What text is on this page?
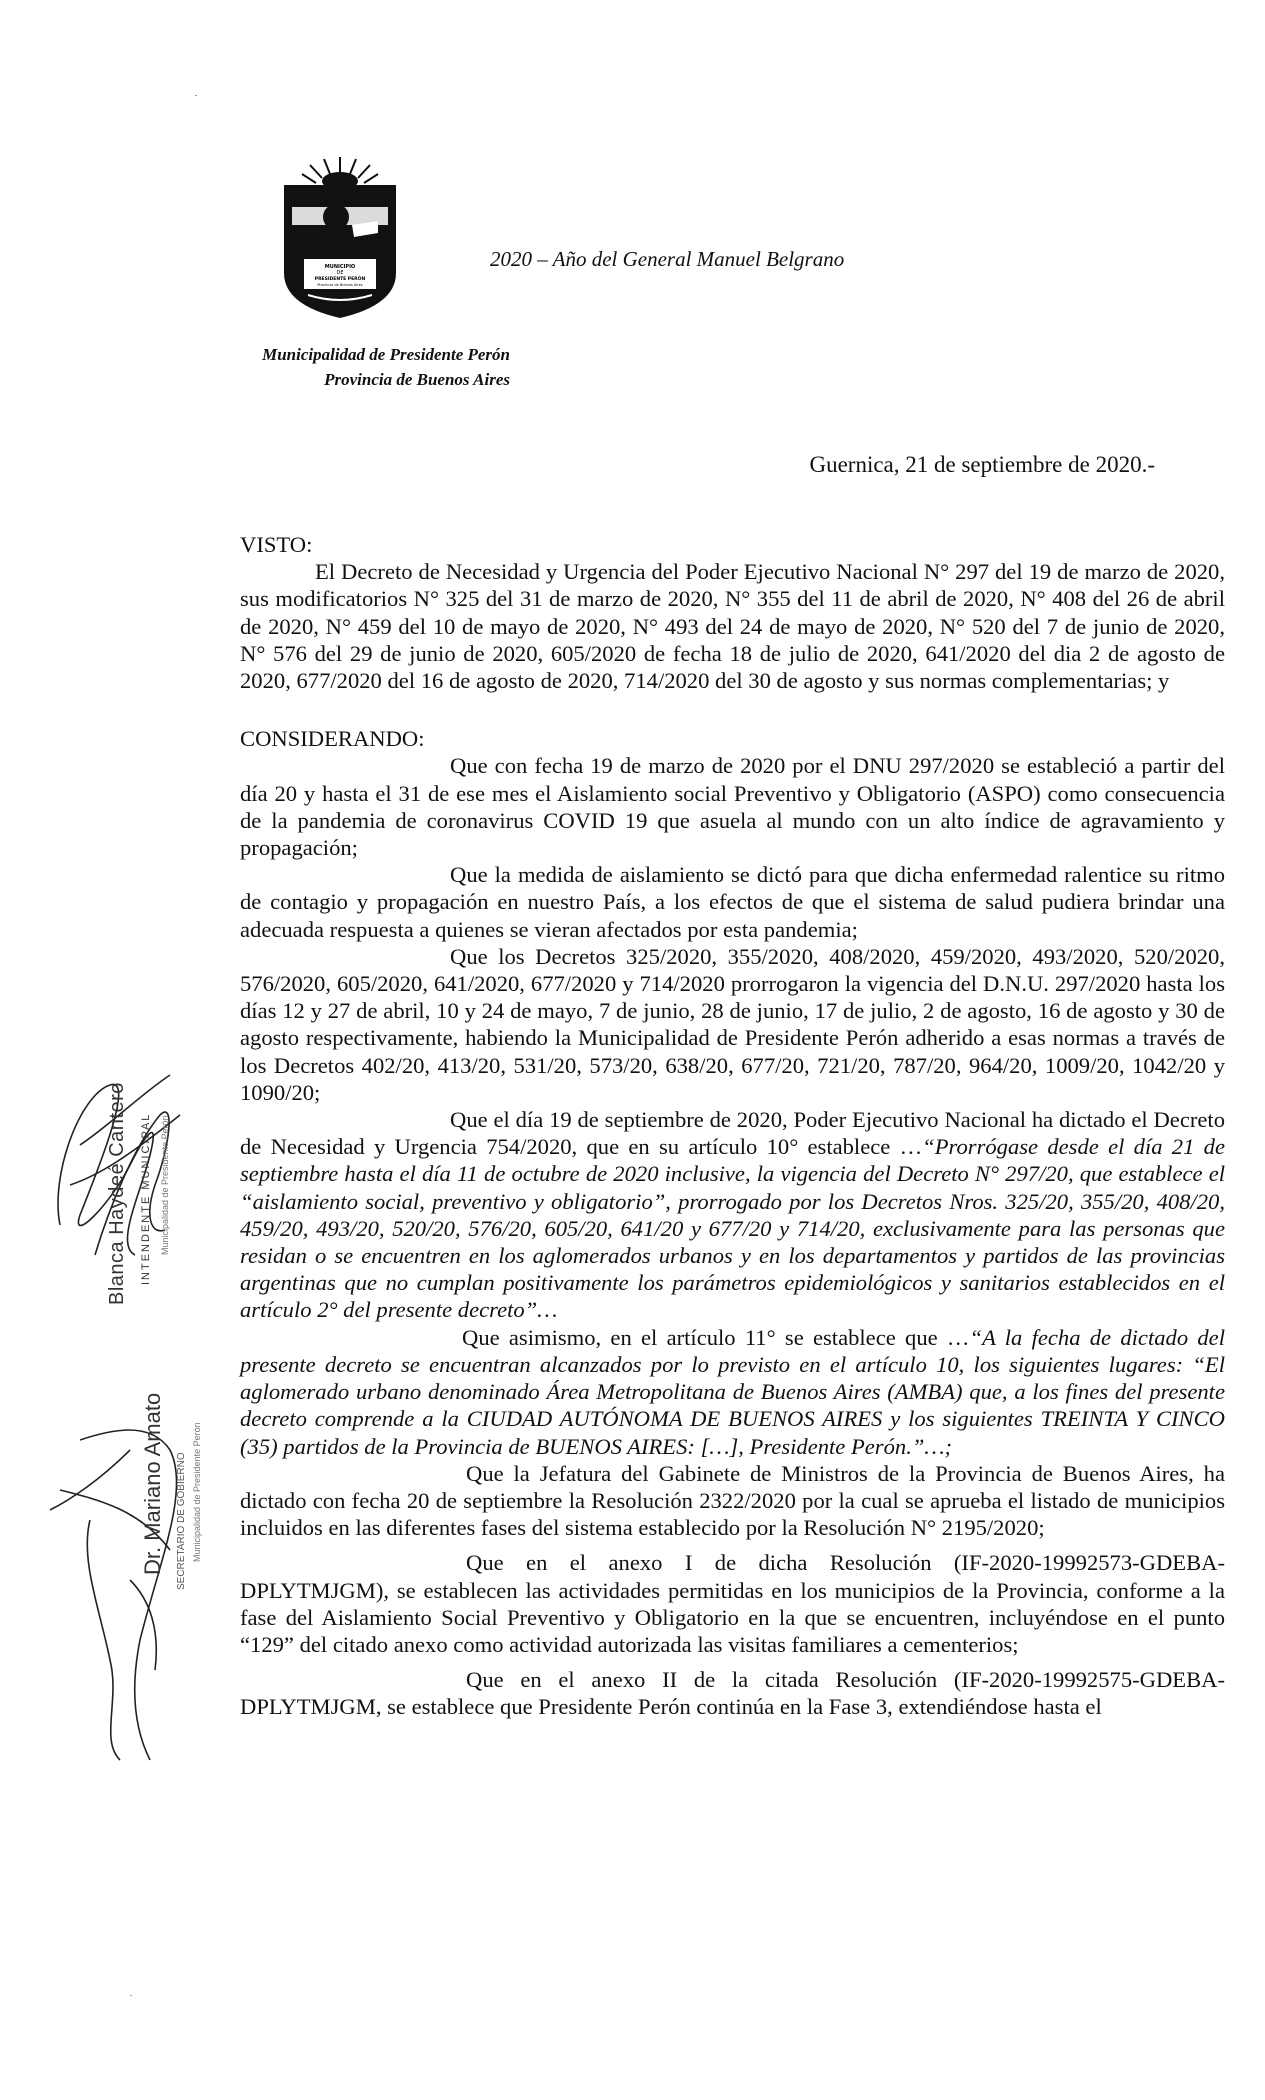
MUNICIPIO
DE
PRESIDENTE PERÓN
Provincia de Buenos Aires
2020 – Año del General Manuel Belgrano
Municipalidad de Presidente Perón
Provincia de Buenos Aires
Guernica, 21 de septiembre de 2020.-

VISTO:

El Decreto de Necesidad y Urgencia del Poder Ejecutivo Nacional N° 297 del 19 de marzo de 2020, sus modificatorios N° 325 del 31 de marzo de 2020, N° 355 del 11 de abril de 2020, N° 408 del 26 de abril de 2020, N° 459 del 10 de mayo de 2020, N° 493 del 24 de mayo de 2020, N° 520 del 7 de junio de 2020, N° 576 del 29 de junio de 2020, 605/2020 de fecha 18 de julio de 2020, 641/2020 del dia 2 de agosto de 2020, 677/2020 del 16 de agosto de 2020, 714/2020 del 30 de agosto y sus normas complementarias; y

CONSIDERANDO:

Que con fecha 19 de marzo de 2020 por el DNU 297/2020 se estableció a partir del día 20 y hasta el 31 de ese mes el Aislamiento social Preventivo y Obligatorio (ASPO) como consecuencia de la pandemia de coronavirus COVID 19 que asuela al mundo con un alto índice de agravamiento y propagación;

Que la medida de aislamiento se dictó para que dicha enfermedad ralentice su ritmo de contagio y propagación en nuestro País, a los efectos de que el sistema de salud pudiera brindar una adecuada respuesta a quienes se vieran afectados por esta pandemia;

Que los Decretos 325/2020, 355/2020, 408/2020, 459/2020, 493/2020, 520/2020, 576/2020, 605/2020, 641/2020, 677/2020 y 714/2020 prorrogaron la vigencia del D.N.U. 297/2020 hasta los días 12 y 27 de abril, 10 y 24 de mayo, 7 de junio, 28 de junio, 17 de julio, 2 de agosto, 16 de agosto y 30 de agosto respectivamente, habiendo la Municipalidad de Presidente Perón adherido a esas normas a través de los Decretos 402/20, 413/20, 531/20, 573/20, 638/20, 677/20, 721/20, 787/20, 964/20, 1009/20, 1042/20 y 1090/20;

Que el día 19 de septiembre de 2020, Poder Ejecutivo Nacional ha dictado el Decreto de Necesidad y Urgencia 754/2020, que en su artículo 10° establece …“Prorrógase desde el día 21 de septiembre hasta el día 11 de octubre de 2020 inclusive, la vigencia del Decreto N° 297/20, que establece el “aislamiento social, preventivo y obligatorio”, prorrogado por los Decretos Nros. 325/20, 355/20, 408/20, 459/20, 493/20, 520/20, 576/20, 605/20, 641/20 y 677/20 y 714/20, exclusivamente para las personas que residan o se encuentren en los aglomerados urbanos y en los departamentos y partidos de las provincias argentinas que no cumplan positivamente los parámetros epidemiológicos y sanitarios establecidos en el artículo 2° del presente decreto”…

Que asimismo, en el artículo 11° se establece que …“A la fecha de dictado del presente decreto se encuentran alcanzados por lo previsto en el artículo 10, los siguientes lugares: “El aglomerado urbano denominado Área Metropolitana de Buenos Aires (AMBA) que, a los fines del presente decreto comprende a la CIUDAD AUTÓNOMA DE BUENOS AIRES y los siguientes TREINTA Y CINCO (35) partidos de la Provincia de BUENOS AIRES: […], Presidente Perón.”…;

Que la Jefatura del Gabinete de Ministros de la Provincia de Buenos Aires, ha dictado con fecha 20 de septiembre la Resolución 2322/2020 por la cual se aprueba el listado de municipios incluidos en las diferentes fases del sistema establecido por la Resolución N° 2195/2020;

Que en el anexo I de dicha Resolución (IF-2020-19992573-GDEBA-DPLYTMJGM), se establecen las actividades permitidas en los municipios de la Provincia, conforme a la fase del Aislamiento Social Preventivo y Obligatorio en la que se encuentren, incluyéndose en el punto “129” del citado anexo como actividad autorizada las visitas familiares a cementerios;

Que en el anexo II de la citada Resolución (IF-2020-19992575-GDEBA-DPLYTMJGM, se establece que Presidente Perón continúa en la Fase 3, extendiéndose hasta el

Blanca Haydeé Cantero INTENDENTE MUNICIPAL Municipalidad de Presidente Perón
Dr. Mariano Amato SECRETARIO DE GOBIERNO Municipalidad de Presidente Perón
